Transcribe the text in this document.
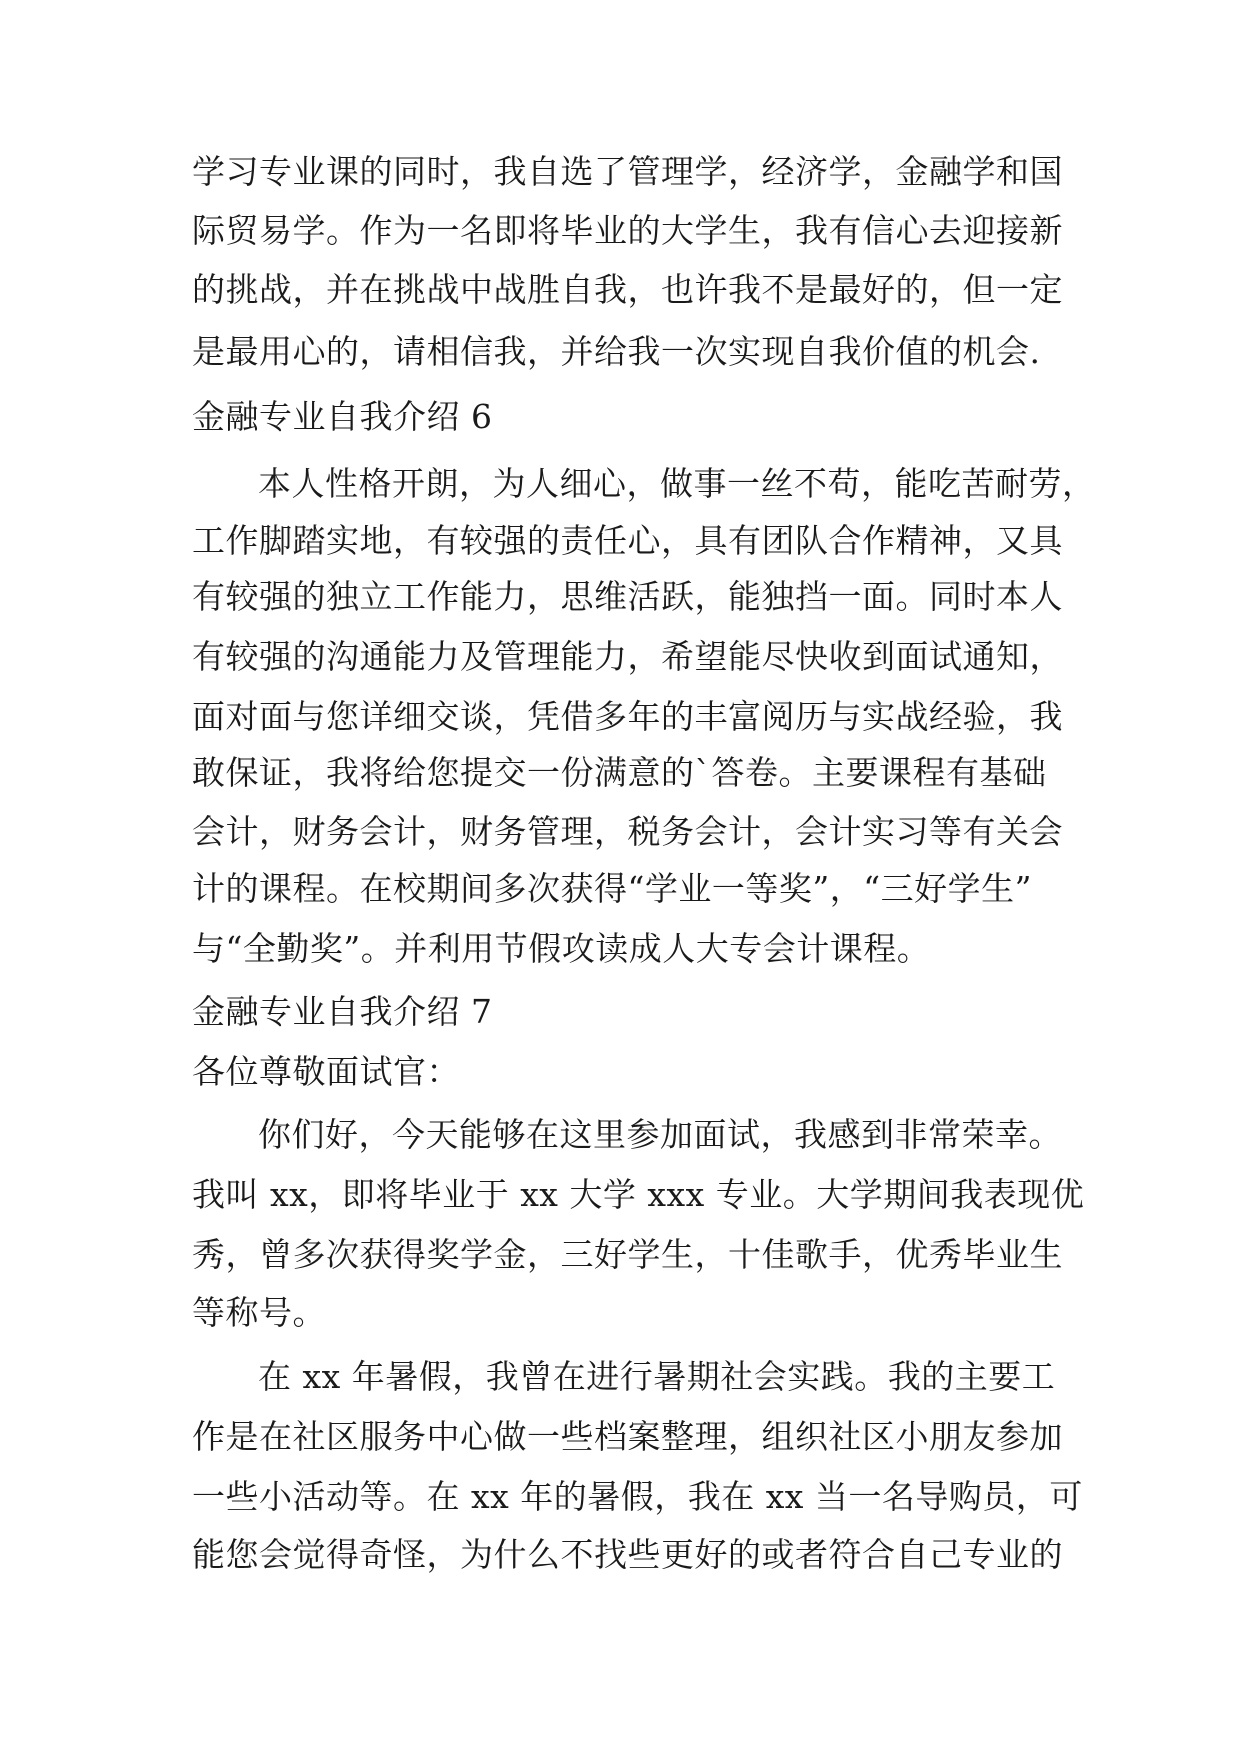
学习专业课的同时，我自选了管理学，经济学，金融学和国
际贸易学。作为一名即将毕业的大学生，我有信心去迎接新
的挑战，并在挑战中战胜自我，也许我不是最好的，但一定
是最用心的，请相信我，并给我一次实现自我价值的机会.
金融专业自我介绍 6
本人性格开朗，为人细心，做事一丝不苟，能吃苦耐劳，
工作脚踏实地，有较强的责任心，具有团队合作精神，又具
有较强的独立工作能力，思维活跃，能独挡一面。同时本人
有较强的沟通能力及管理能力，希望能尽快收到面试通知，
面对面与您详细交谈，凭借多年的丰富阅历与实战经验，我
敢保证，我将给您提交一份满意的`答卷。主要课程有基础
会计，财务会计，财务管理，税务会计，会计实习等有关会
计的课程。在校期间多次获得“学业一等奖”，“三好学生”
与“全勤奖”。并利用节假攻读成人大专会计课程。
金融专业自我介绍 7
各位尊敬面试官：
你们好，今天能够在这里参加面试，我感到非常荣幸。
我叫 xx，即将毕业于 xx 大学 xxx 专业。大学期间我表现优
秀，曾多次获得奖学金，三好学生，十佳歌手，优秀毕业生
等称号。
在 xx 年暑假，我曾在进行暑期社会实践。我的主要工
作是在社区服务中心做一些档案整理，组织社区小朋友参加
一些小活动等。在 xx 年的暑假，我在 xx 当一名导购员，可
能您会觉得奇怪，为什么不找些更好的或者符合自己专业的
